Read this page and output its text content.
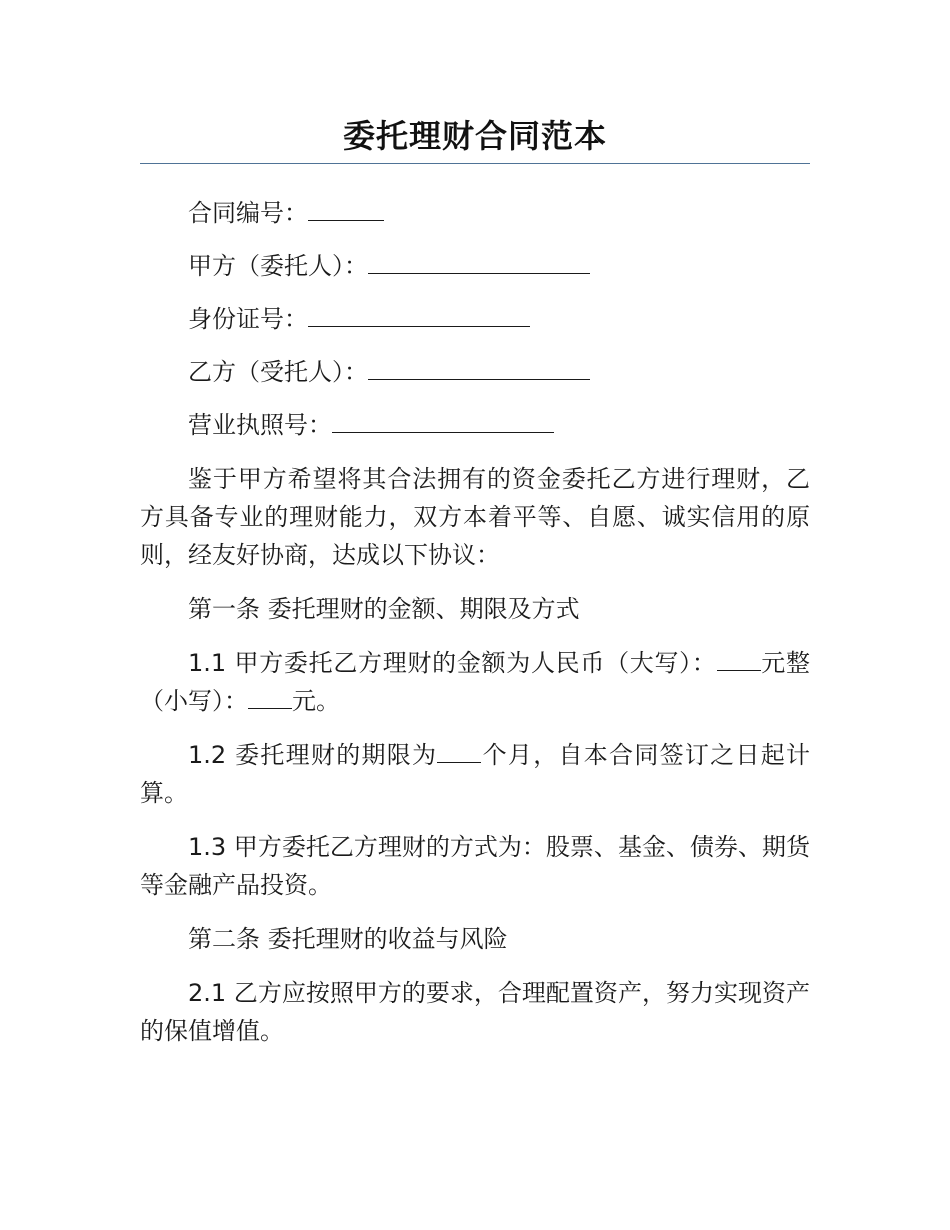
委托理财合同范本
合同编号：
甲方（委托人）：
身份证号：
乙方（受托人）：
营业执照号：

鉴于甲方希望将其合法拥有的资金委托乙方进行理财，乙方具备专业的理财能力，双方本着平等、自愿、诚实信用的原则，经友好协商，达成以下协议：

第一条 委托理财的金额、期限及方式

1.1 甲方委托乙方理财的金额为人民币（大写）： 元整（小写）： 元。

1.2 委托理财的期限为 个月，自本合同签订之日起计算。

1.3 甲方委托乙方理财的方式为：股票、基金、债券、期货等金融产品投资。

第二条 委托理财的收益与风险

2.1 乙方应按照甲方的要求，合理配置资产，努力实现资产的保值增值。
